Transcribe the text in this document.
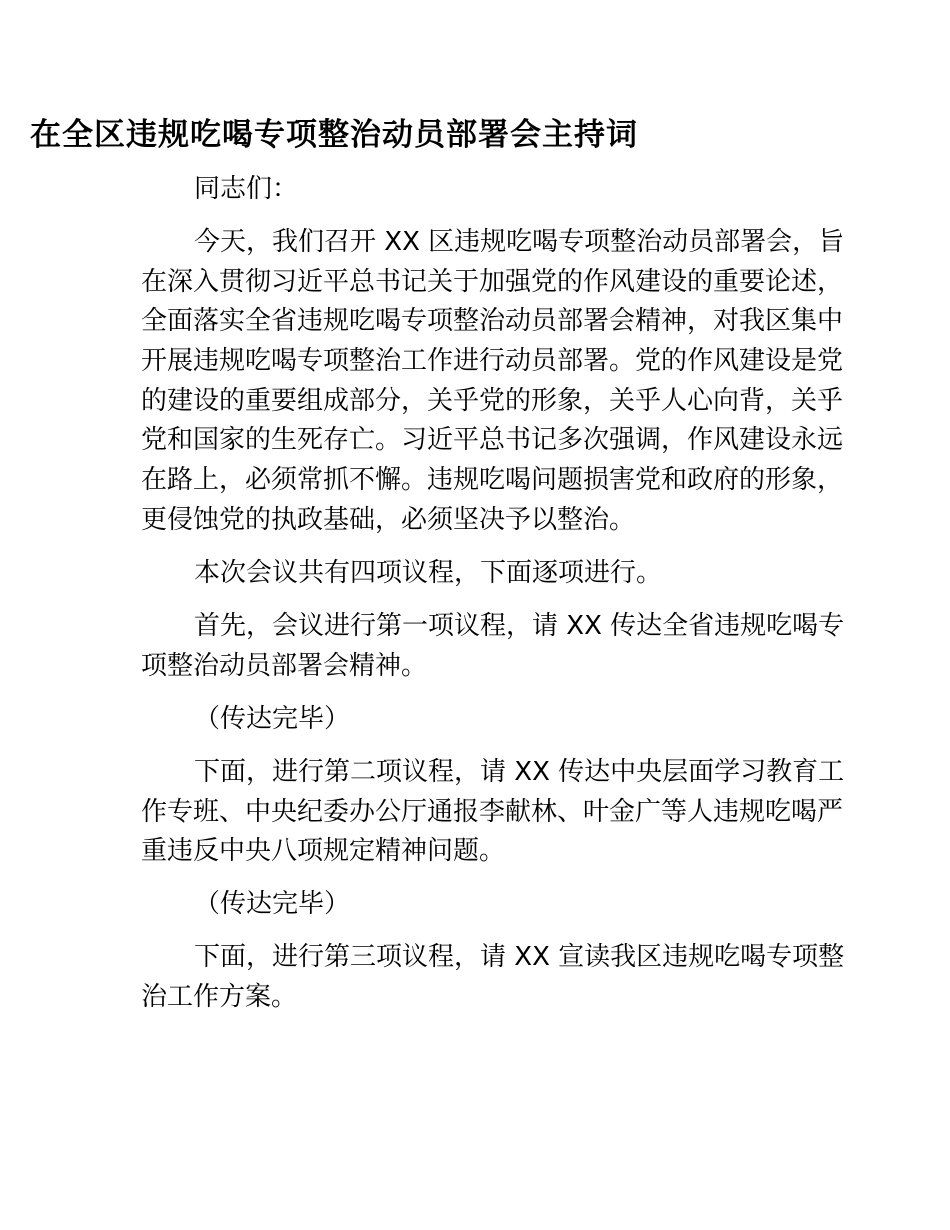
在全区违规吃喝专项整治动员部署会主持词
同志们：
今天，我们召开 XX 区违规吃喝专项整治动员部署会，旨
在深入贯彻习近平总书记关于加强党的作风建设的重要论述，
全面落实全省违规吃喝专项整治动员部署会精神，对我区集中
开展违规吃喝专项整治工作进行动员部署。党的作风建设是党
的建设的重要组成部分，关乎党的形象，关乎人心向背，关乎
党和国家的生死存亡。习近平总书记多次强调，作风建设永远
在路上，必须常抓不懈。违规吃喝问题损害党和政府的形象，
更侵蚀党的执政基础，必须坚决予以整治。
本次会议共有四项议程，下面逐项进行。
首先，会议进行第一项议程，请 XX 传达全省违规吃喝专
项整治动员部署会精神。
（传达完毕）
下面，进行第二项议程，请 XX 传达中央层面学习教育工
作专班、中央纪委办公厅通报李献林、叶金广等人违规吃喝严
重违反中央八项规定精神问题。
（传达完毕）
下面，进行第三项议程，请 XX 宣读我区违规吃喝专项整
治工作方案。
